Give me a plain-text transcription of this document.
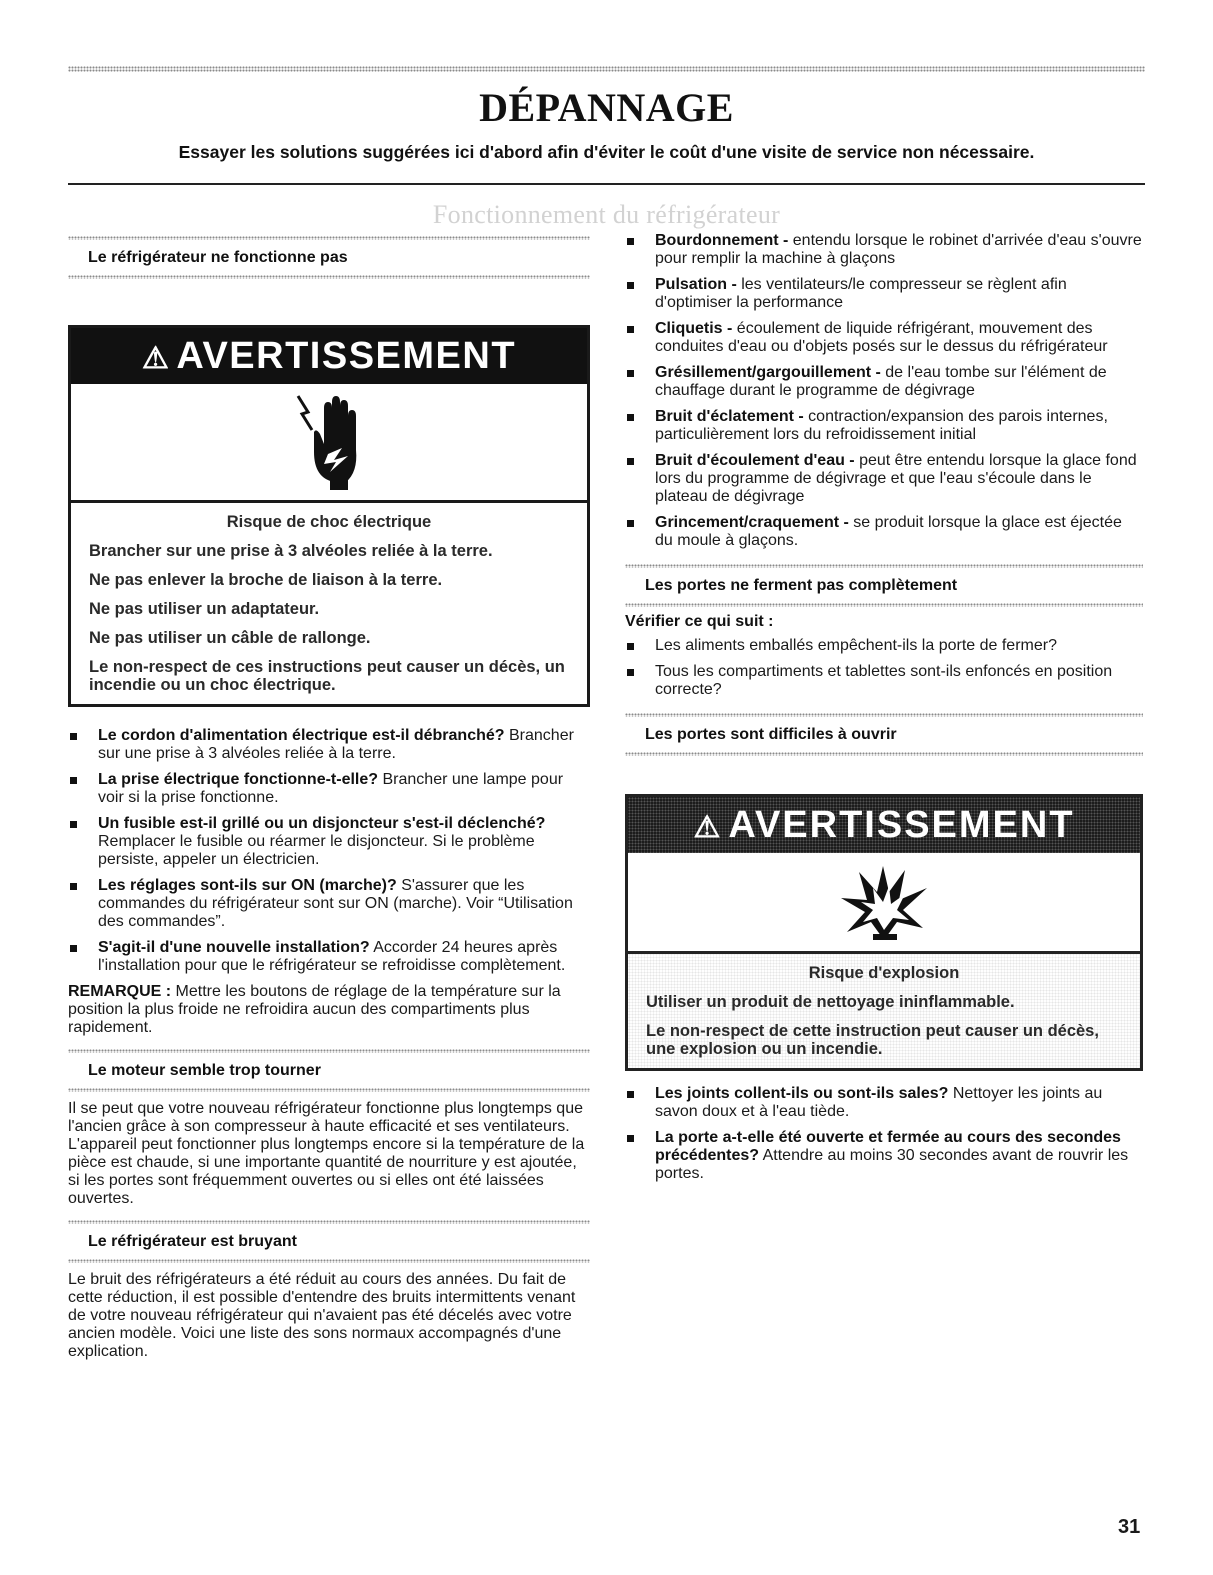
DÉPANNAGE
Essayer les solutions suggérées ici d'abord afin d'éviter le coût d'une visite de service non nécessaire.
Fonctionnement du réfrigérateur
Le réfrigérateur ne fonctionne pas
⚠ AVERTISSEMENT
Risque de choc électrique
Brancher sur une prise à 3 alvéoles reliée à la terre.
Ne pas enlever la broche de liaison à la terre.
Ne pas utiliser un adaptateur.
Ne pas utiliser un câble de rallonge.
Le non-respect de ces instructions peut causer un décès, un incendie ou un choc électrique.
Le cordon d'alimentation électrique est-il débranché? Brancher sur une prise à 3 alvéoles reliée à la terre.
La prise électrique fonctionne-t-elle? Brancher une lampe pour voir si la prise fonctionne.
Un fusible est-il grillé ou un disjoncteur s'est-il déclenché? Remplacer le fusible ou réarmer le disjoncteur. Si le problème persiste, appeler un électricien.
Les réglages sont-ils sur ON (marche)? S'assurer que les commandes du réfrigérateur sont sur ON (marche). Voir “Utilisation des commandes”.
S'agit-il d'une nouvelle installation? Accorder 24 heures après l'installation pour que le réfrigérateur se refroidisse complètement.

REMARQUE : Mettre les boutons de réglage de la température sur la position la plus froide ne refroidira aucun des compartiments plus rapidement.

Le moteur semble trop tourner

Il se peut que votre nouveau réfrigérateur fonctionne plus longtemps que l'ancien grâce à son compresseur à haute efficacité et ses ventilateurs. L'appareil peut fonctionner plus longtemps encore si la température de la pièce est chaude, si une importante quantité de nourriture y est ajoutée, si les portes sont fréquemment ouvertes ou si elles ont été laissées ouvertes.

Le réfrigérateur est bruyant

Le bruit des réfrigérateurs a été réduit au cours des années. Du fait de cette réduction, il est possible d'entendre des bruits intermittents venant de votre nouveau réfrigérateur qui n'avaient pas été décelés avec votre ancien modèle. Voici une liste des sons normaux accompagnés d'une explication.

Bourdonnement - entendu lorsque le robinet d'arrivée d'eau s'ouvre pour remplir la machine à glaçons
Pulsation - les ventilateurs/le compresseur se règlent afin d'optimiser la performance
Cliquetis - écoulement de liquide réfrigérant, mouvement des conduites d'eau ou d'objets posés sur le dessus du réfrigérateur
Grésillement/gargouillement - de l'eau tombe sur l'élément de chauffage durant le programme de dégivrage
Bruit d'éclatement - contraction/expansion des parois internes, particulièrement lors du refroidissement initial
Bruit d'écoulement d'eau - peut être entendu lorsque la glace fond lors du programme de dégivrage et que l'eau s'écoule dans le plateau de dégivrage
Grincement/craquement - se produit lorsque la glace est éjectée du moule à glaçons.
Les portes ne ferment pas complètement

Vérifier ce qui suit :

Les aliments emballés empêchent-ils la porte de fermer?
Tous les compartiments et tablettes sont-ils enfoncés en position correcte?
Les portes sont difficiles à ouvrir
⚠ AVERTISSEMENT
Risque d'explosion
Utiliser un produit de nettoyage ininflammable.
Le non-respect de cette instruction peut causer un décès, une explosion ou un incendie.
Les joints collent-ils ou sont-ils sales? Nettoyer les joints au savon doux et à l'eau tiède.
La porte a-t-elle été ouverte et fermée au cours des secondes précédentes? Attendre au moins 30 secondes avant de rouvrir les portes.
31
